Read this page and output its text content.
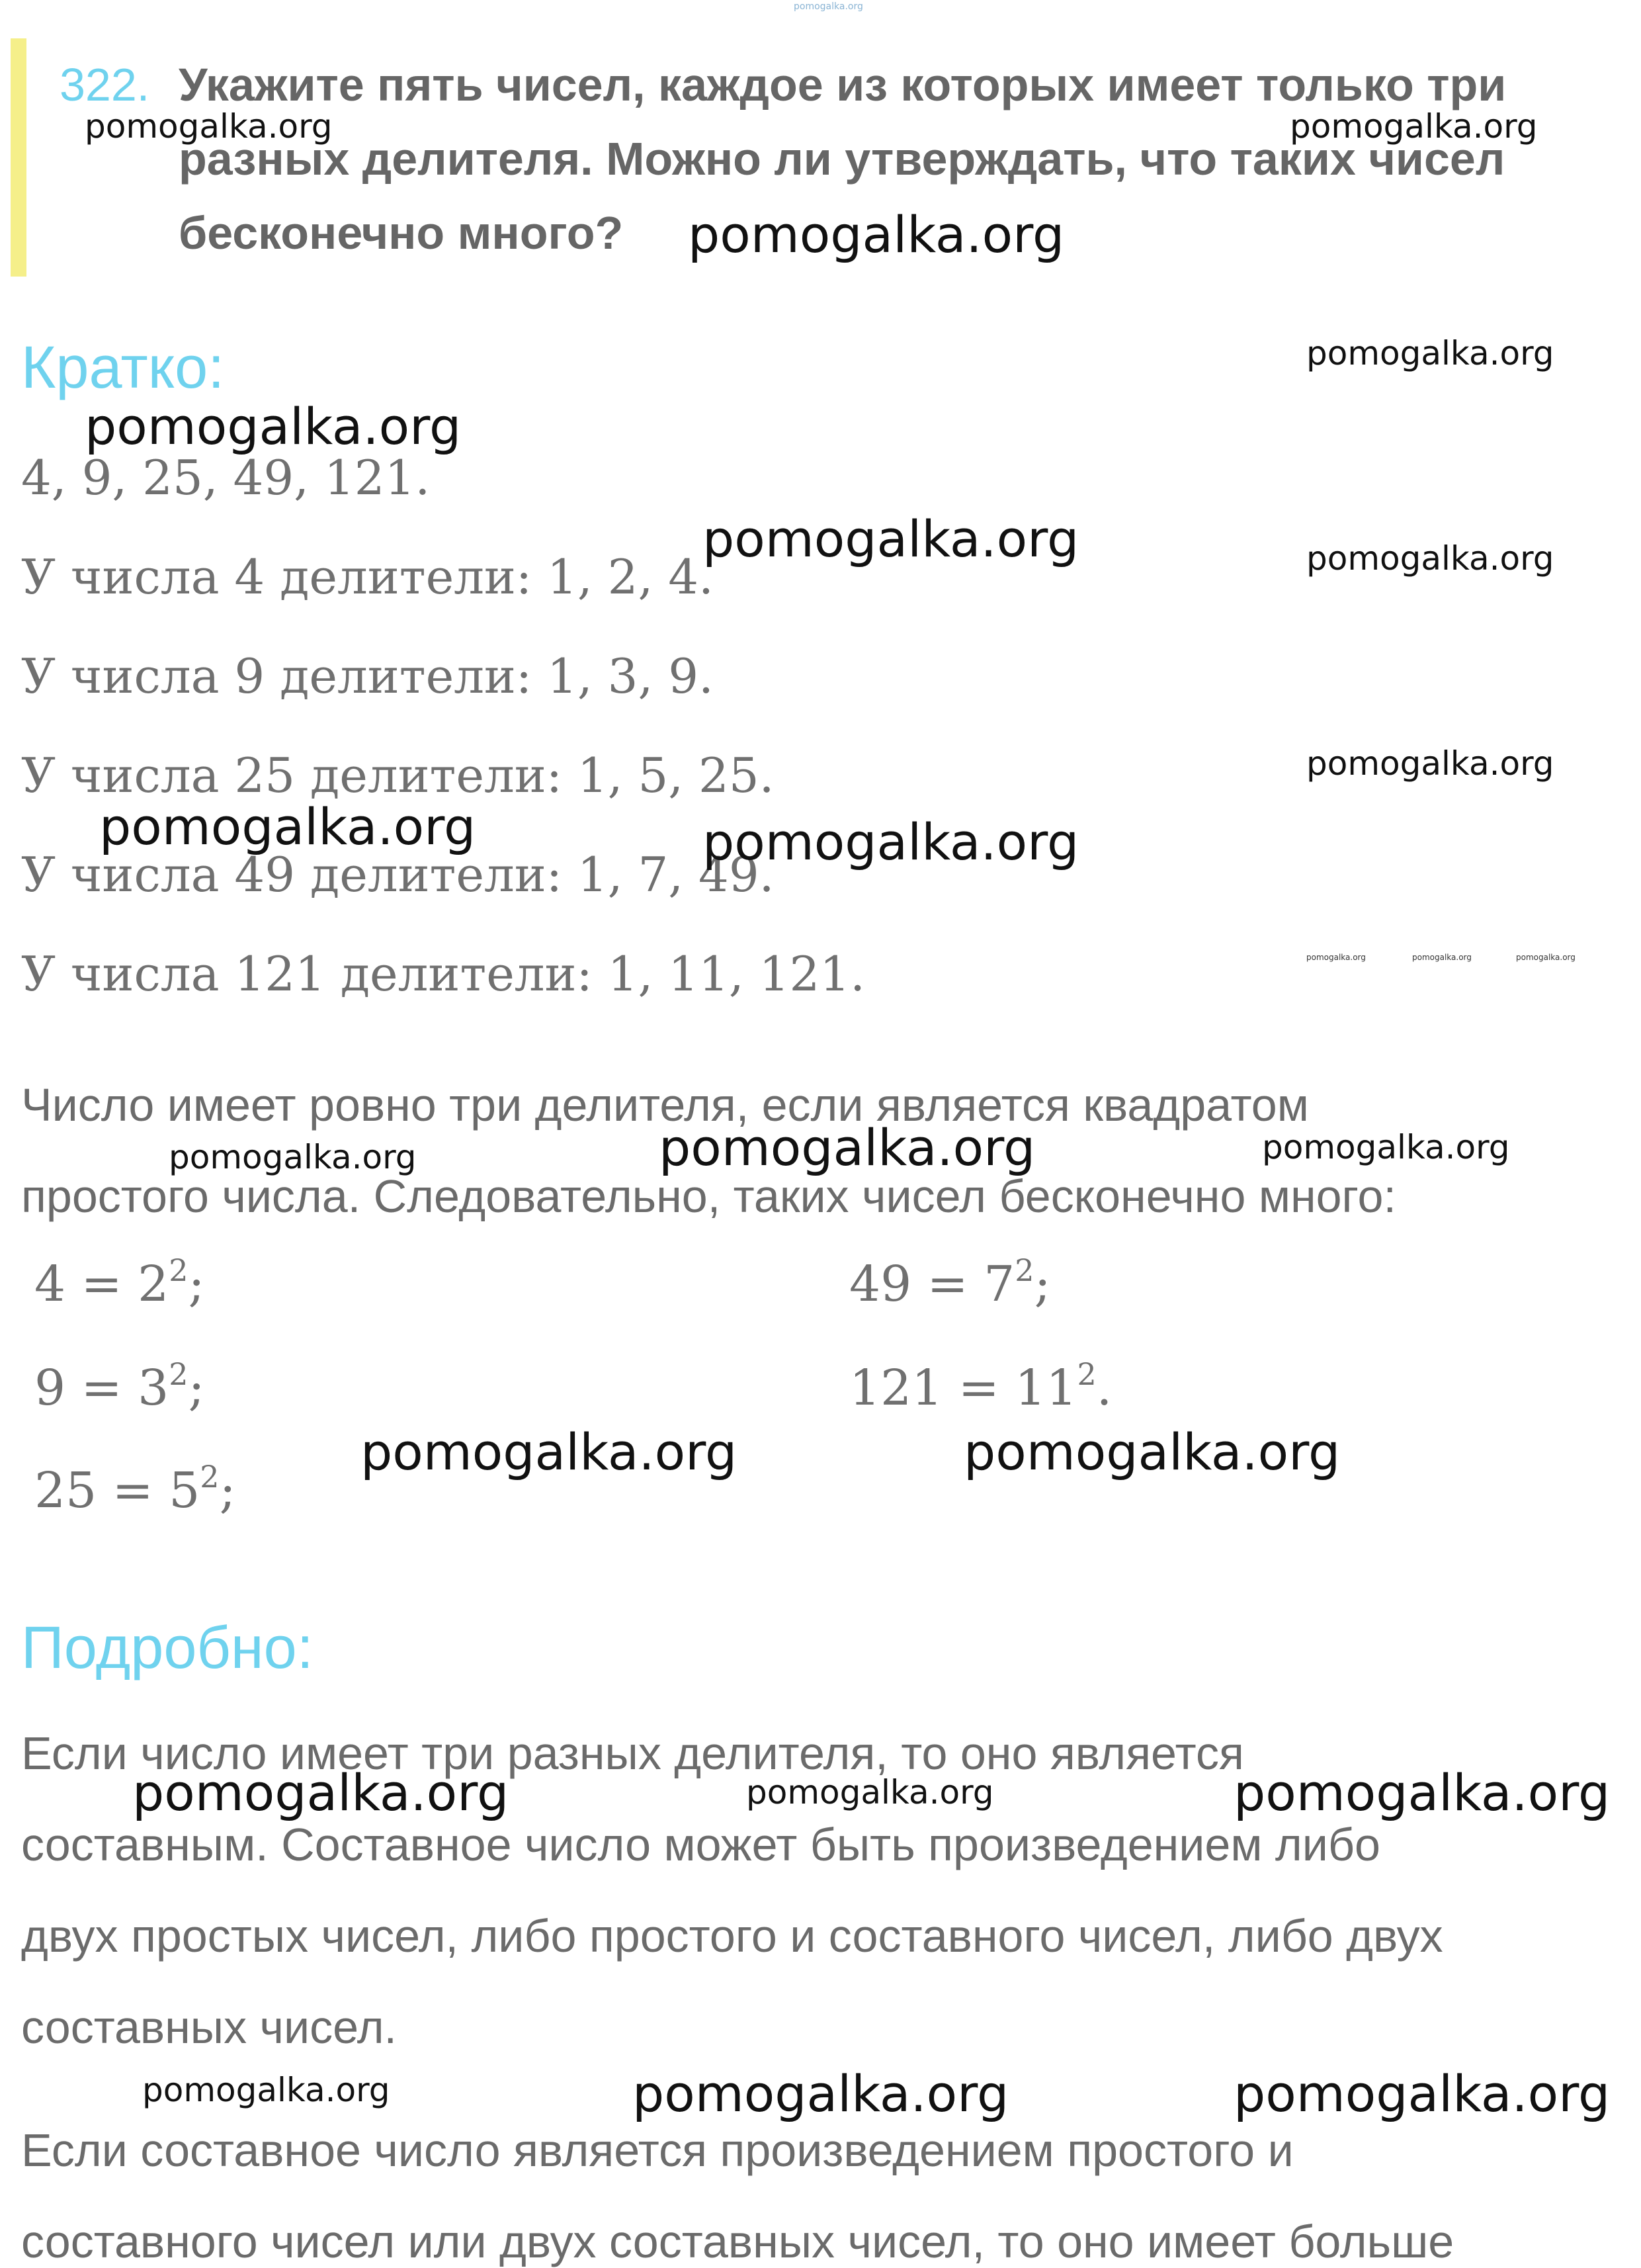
322. Укажите пять чисел, каждое из которых имеет только три
разных делителя. Можно ли утверждать, что таких чисел
бесконечно много?
Кратко:
4, 9, 25, 49, 121.
У числа 4 делители: 1, 2, 4.
У числа 9 делители: 1, 3, 9.
У числа 25 делители: 1, 5, 25.
У числа 49 делители: 1, 7, 49.
У числа 121 делители: 1, 11, 121.
Число имеет ровно три делителя, если является квадратом
простого числа. Следовательно, таких чисел бесконечно много:
$4 = 2^2$;
$9 = 3^2$;
$25 = 5^2$;
$49 = 7^2$;
$121 = 11^2$.
Подробно:
Если число имеет три разных делителя, то оно является
составным. Составное число может быть произведением либо
двух простых чисел, либо простого и составного чисел, либо двух
составных чисел.
Если составное число является произведением простого и
составного чисел или двух составных чисел, то оно имеет больше
pomogalka.org
pomogalka.org	pomogalka.org
pomogalka.org
pomogalka.org
pomogalka.org
pomogalka.org	pomogalka.org
pomogalka.org
pomogalka.org	pomogalka.org
pomogalka.org	pomogalka.org	pomogalka.org
pomogalka.org	pomogalka.org	pomogalka.org
pomogalka.org	pomogalka.org
pomogalka.org	pomogalka.org	pomogalka.org
pomogalka.org	pomogalka.org	pomogalka.org
